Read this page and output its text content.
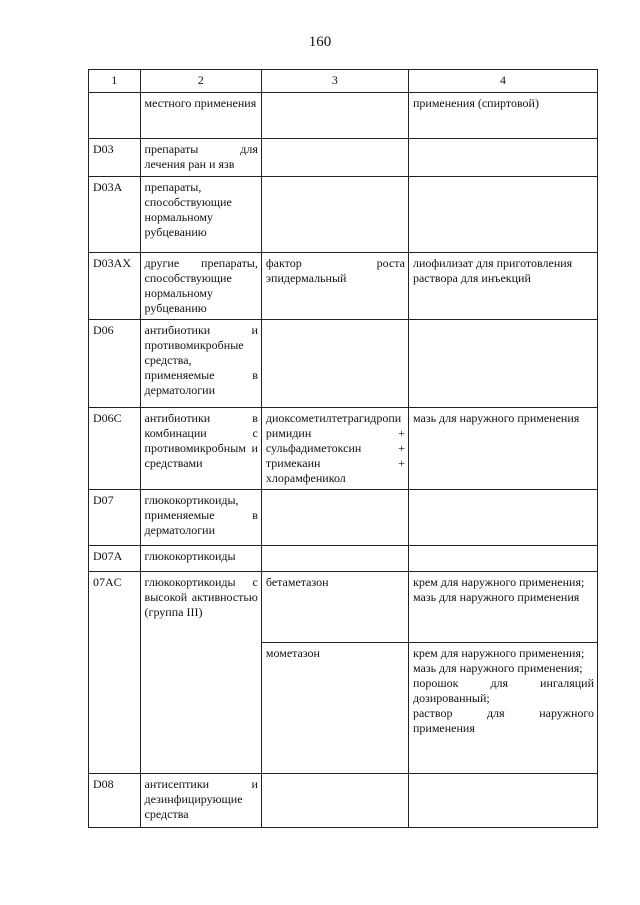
160
1	2	3	4
	местного применения		применения (спиртовой)

D03	препараты для лечения ран и язв		
D03A	препараты, способствующие нормальному рубцеванию		
D03AX	другие препараты, способствующие нормальному рубцеванию	фактор роста эпидермальный	лиофилизат для приготовления раствора для инъекций

D06	антибиотики и противомикробные средства, применяемые в дерматологии		
D06C	антибиотики в комбинации с противомикробным и средствами	диоксометилтетрагидропиримидин + сульфадиметоксин + тримекаин + хлорамфеникол	мазь для наружного применения

D07	глюкокортикоиды, применяемые в дерматологии		
D07A	глюкокортикоиды		
07AC	глюкокортикоиды с высокой активностью (группа III)	бетаметазон	крем для наружного применения;
мазь для наружного применения

		мометазон	крем для наружного применения;
мазь для наружного применения;
порошок для ингаляций дозированный;
раствор для наружного применения

D08	антисептики и дезинфицирующие средства		
